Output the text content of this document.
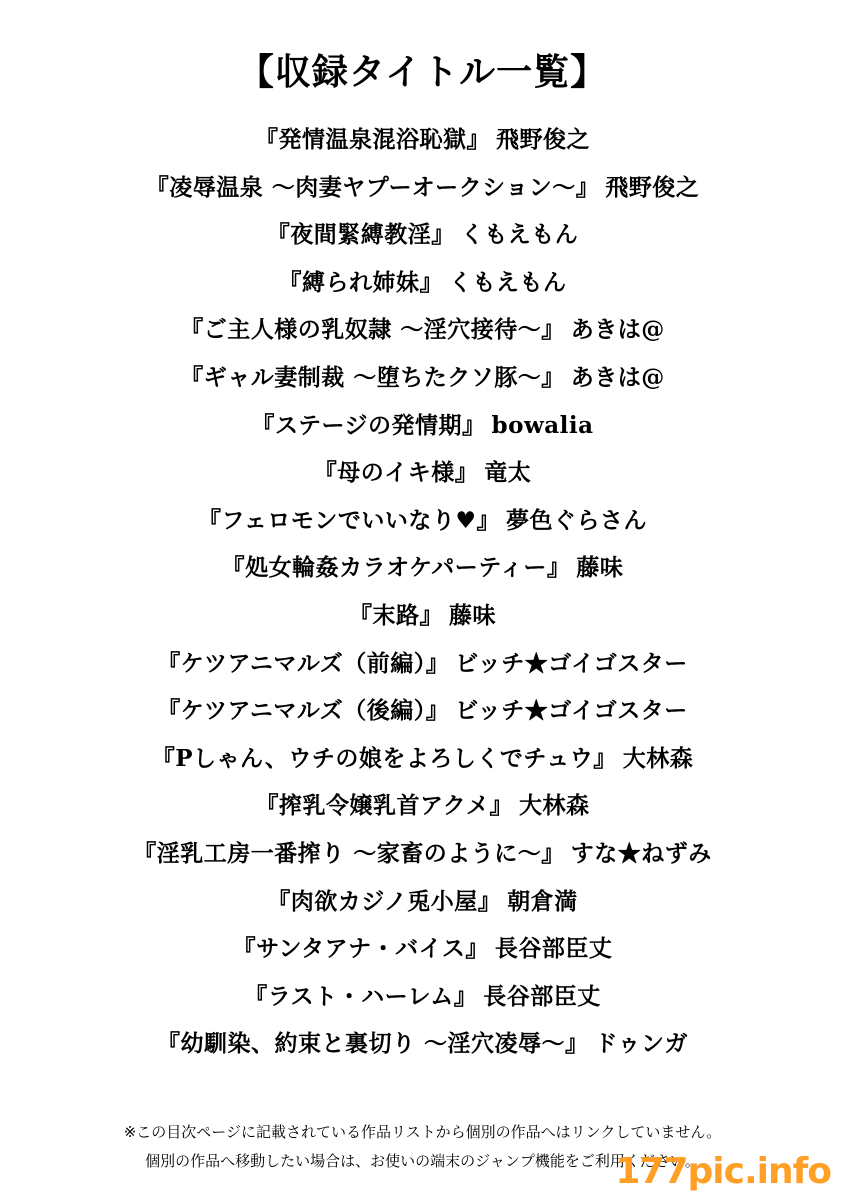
【収録タイトル一覧】
『発情温泉混浴恥獄』 飛野俊之
『凌辱温泉 〜肉妻ヤプーオークション〜』 飛野俊之
『夜間緊縛教淫』 くもえもん
『縛られ姉妹』 くもえもん
『ご主人様の乳奴隷 〜淫穴接待〜』 あきは@
『ギャル妻制裁 〜堕ちたクソ豚〜』 あきは@
『ステージの発情期』 bowalia
『母のイキ様』 竜太
『フェロモンでいいなり♥』 夢色ぐらさん
『処女輪姦カラオケパーティー』 藤味
『末路』 藤味
『ケツアニマルズ（前編）』 ビッチ★ゴイゴスター
『ケツアニマルズ（後編）』 ビッチ★ゴイゴスター
『Pしゃん、ウチの娘をよろしくでチュウ』 大林森
『搾乳令嬢乳首アクメ』 大林森
『淫乳工房一番搾り 〜家畜のように〜』 すな★ねずみ
『肉欲カジノ兎小屋』 朝倉満
『サンタアナ・バイス』 長谷部臣丈
『ラスト・ハーレム』 長谷部臣丈
『幼馴染、約束と裏切り 〜淫穴凌辱〜』 ドゥンガ
※この目次ページに記載されている作品リストから個別の作品へはリンクしていません。
個別の作品へ移動したい場合は、お使いの端末のジャンプ機能をご利用ください。
177pic.info
